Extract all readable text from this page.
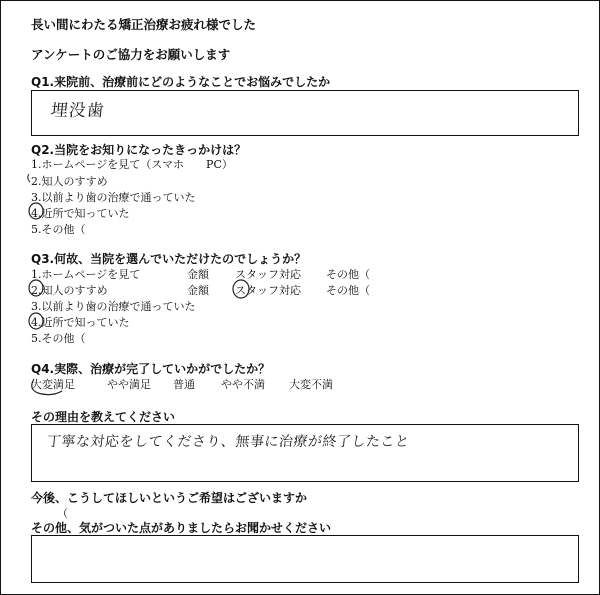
長い間にわたる矯正治療お疲れ様でした
アンケートのご協力をお願いします
Q1.来院前、治療前にどのようなことでお悩みでしたか
埋没歯
Q2.当院をお知りになったきっかけは？
1.ホームページを見て（スマホ　　PC）
2.知人のすすめ
3.以前より歯の治療で通っていた
4.近所で知っていた
5.その他（
Q3.何故、当院を選んでいただけたのでしょうか？
1.ホームページを見て	金額 スタッフ対応 その他（
2.知人のすすめ	金額 スタッフ対応 その他（
3.以前より歯の治療で通っていた
4.近所で知っていた
5.その他（
Q4.実際、治療が完了していかがでしたか？
大変満足	やや満足 普通 やや不満 大変不満
その理由を教えてください
丁寧な対応をしてくださり、無事に治療が終了したこと
今後、こうしてほしいというご希望はございますか
（
その他、気がついた点がありましたらお聞かせください
